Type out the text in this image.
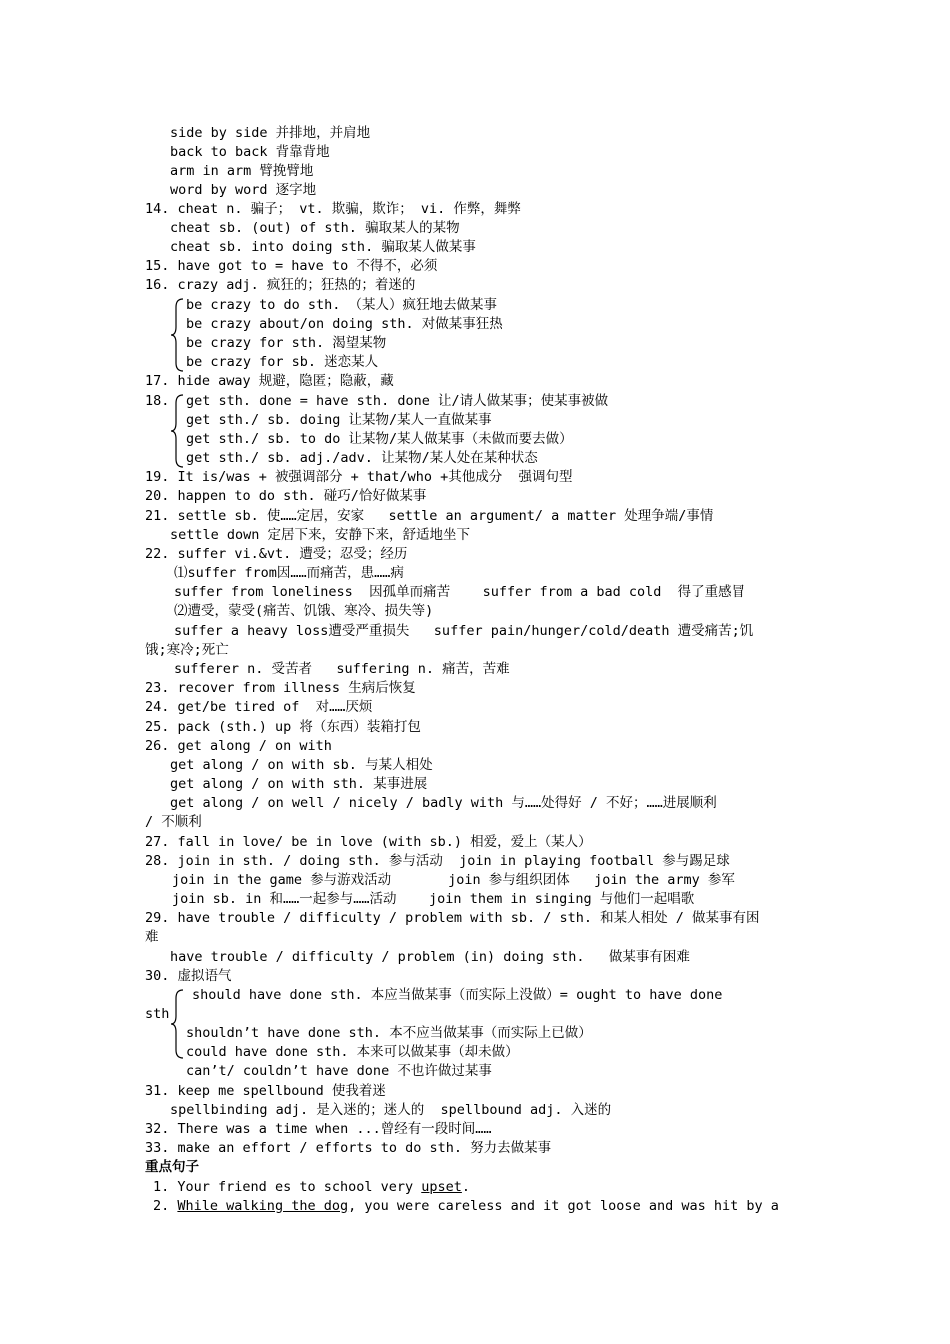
side by side 并排地，并肩地
back to back 背靠背地
arm in arm 臂挽臂地
word by word 逐字地
14. cheat n. 骗子； vt. 欺骗，欺诈； vi. 作弊，舞弊
cheat sb. (out) of sth. 骗取某人的某物
cheat sb. into doing sth. 骗取某人做某事
15. have got to = have to 不得不，必须
16. crazy adj. 疯狂的；狂热的；着迷的
be crazy to do sth. （某人）疯狂地去做某事
be crazy about/on doing sth. 对做某事狂热
be crazy for sth. 渴望某物
be crazy for sb. 迷恋某人
17. hide away 规避，隐匿；隐蔽，藏
18.	get sth. done = have sth. done 让/请人做某事；使某事被做
get sth./ sb. doing 让某物/某人一直做某事
get sth./ sb. to do 让某物/某人做某事（未做而要去做）
get sth./ sb. adj./adv. 让某物/某人处在某种状态
19. It is/was + 被强调部分 + that/who +其他成分  强调句型
20. happen to do sth. 碰巧/恰好做某事
21. settle sb. 使……定居，安家   settle an argument/ a matter 处理争端/事情
settle down 定居下来，安静下来，舒适地坐下
22. suffer vi.&vt. 遭受；忍受；经历
⑴suffer from因……而痛苦，患……病
suffer from loneliness  因孤单而痛苦    suffer from a bad cold  得了重感冒
⑵遭受，蒙受(痛苦、饥饿、寒冷、损失等)
suffer a heavy loss遭受严重损失   suffer pain/hunger/cold/death 遭受痛苦;饥
饿;寒冷;死亡
sufferer n. 受苦者   suffering n. 痛苦，苦难
23. recover from illness 生病后恢复
24. get/be tired of  对……厌烦
25. pack (sth.) up 将（东西）装箱打包
26. get along / on with
get along / on with sb. 与某人相处
get along / on with sth. 某事进展
get along / on well / nicely / badly with 与……处得好 / 不好；……进展顺利
/ 不顺利
27. fall in love/ be in love (with sb.) 相爱，爱上（某人）
28. join in sth. / doing sth. 参与活动  join in playing football 参与踢足球
join in the game 参与游戏活动       join 参与组织团体   join the army 参军
join sb. in 和……一起参与……活动    join them in singing 与他们一起唱歌
29. have trouble / difficulty / problem with sb. / sth. 和某人相处 / 做某事有困
难
have trouble / difficulty / problem (in) doing sth.   做某事有困难
30. 虚拟语气
should have done sth. 本应当做某事（而实际上没做）= ought to have done
sth
shouldn’t have done sth. 本不应当做某事（而实际上已做）
could have done sth. 本来可以做某事（却未做）
can’t/ couldn’t have done 不也许做过某事
31. keep me spellbound 使我着迷
spellbinding adj. 是入迷的；迷人的  spellbound adj. 入迷的
32. There was a time when ...曾经有一段时间……
33. make an effort / efforts to do sth. 努力去做某事
重点句子
1. Your friend es to school very upset.
2. While walking the dog, you were careless and it got loose and was hit by a
